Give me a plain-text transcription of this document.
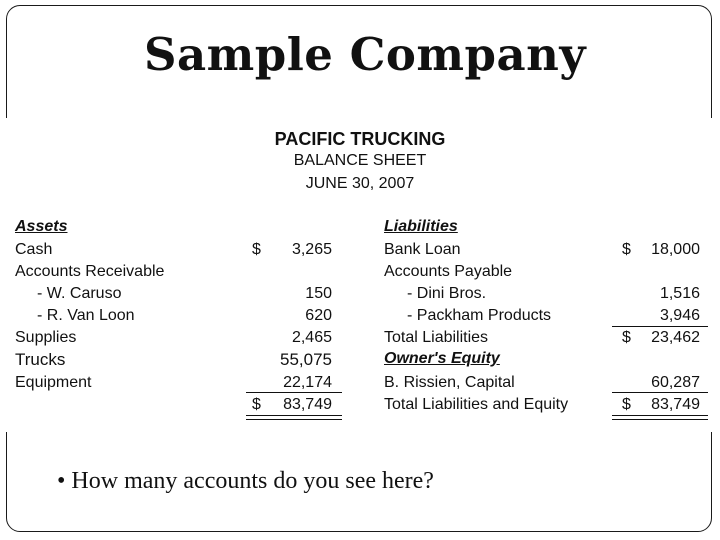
Sample Company
PACIFIC TRUCKING
BALANCE SHEET
JUNE 30, 2007
Assets
Cash	$ 3,265
Accounts Receivable
- W. Caruso	150
- R. Van Loon	620
Supplies	2,465
Trucks	55,075
Equipment	22,174
$ 83,749
Liabilities
Bank Loan	$ 18,000
Accounts Payable
- Dini Bros.	1,516
- Packham Products	3,946
Total Liabilities	$ 23,462
Owner's Equity
B. Rissien, Capital	60,287
Total Liabilities and Equity	$ 83,749
• How many accounts do you see here?
